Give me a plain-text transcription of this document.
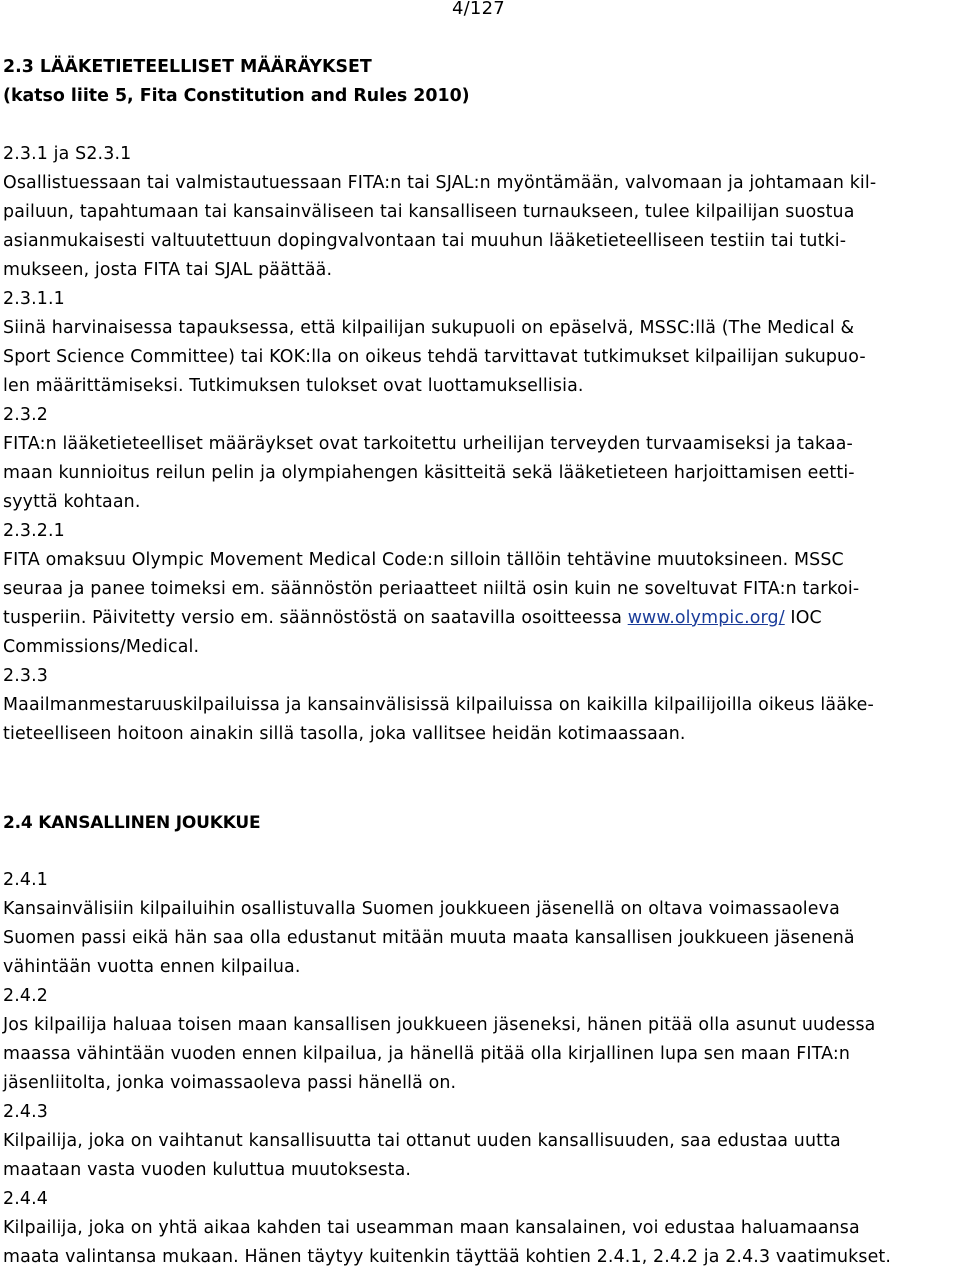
4/127
2.3 LÄÄKETIETEELLISET MÄÄRÄYKSET
(katso liite 5, Fita Constitution and Rules 2010)
2.3.1 ja S2.3.1
Osallistuessaan tai valmistautuessaan FITA:n tai SJAL:n myöntämään, valvomaan ja johtamaan kil-
pailuun, tapahtumaan tai kansainväliseen tai kansalliseen turnaukseen, tulee kilpailijan suostua
asianmukaisesti valtuutettuun dopingvalvontaan tai muuhun lääketieteelliseen testiin tai tutki-
mukseen, josta FITA tai SJAL päättää.
2.3.1.1
Siinä harvinaisessa tapauksessa, että kilpailijan sukupuoli on epäselvä, MSSC:llä (The Medical &
Sport Science Committee) tai KOK:lla on oikeus tehdä tarvittavat tutkimukset kilpailijan sukupuo-
len määrittämiseksi. Tutkimuksen tulokset ovat luottamuksellisia.
2.3.2
FITA:n lääketieteelliset määräykset ovat tarkoitettu urheilijan terveyden turvaamiseksi ja takaa-
maan kunnioitus reilun pelin ja olympiahengen käsitteitä sekä lääketieteen harjoittamisen eetti-
syyttä kohtaan.
2.3.2.1
FITA omaksuu Olympic Movement Medical Code:n silloin tällöin tehtävine muutoksineen. MSSC
seuraa ja panee toimeksi em. säännöstön periaatteet niiltä osin kuin ne soveltuvat FITA:n tarkoi-
tusperiin. Päivitetty versio em. säännöstöstä on saatavilla osoitteessa www.olympic.org/ IOC
Commissions/Medical.
2.3.3
Maailmanmestaruuskilpailuissa ja kansainvälisissä kilpailuissa on kaikilla kilpailijoilla oikeus lääke-
tieteelliseen hoitoon ainakin sillä tasolla, joka vallitsee heidän kotimaassaan.
2.4 KANSALLINEN JOUKKUE
2.4.1
Kansainvälisiin kilpailuihin osallistuvalla Suomen joukkueen jäsenellä on oltava voimassaoleva
Suomen passi eikä hän saa olla edustanut mitään muuta maata kansallisen joukkueen jäsenenä
vähintään vuotta ennen kilpailua.
2.4.2
Jos kilpailija haluaa toisen maan kansallisen joukkueen jäseneksi, hänen pitää olla asunut uudessa
maassa vähintään vuoden ennen kilpailua, ja hänellä pitää olla kirjallinen lupa sen maan FITA:n
jäsenliitolta, jonka voimassaoleva passi hänellä on.
2.4.3
Kilpailija, joka on vaihtanut kansallisuutta tai ottanut uuden kansallisuuden, saa edustaa uutta
maataan vasta vuoden kuluttua muutoksesta.
2.4.4
Kilpailija, joka on yhtä aikaa kahden tai useamman maan kansalainen, voi edustaa haluamaansa
maata valintansa mukaan. Hänen täytyy kuitenkin täyttää kohtien 2.4.1, 2.4.2 ja 2.4.3 vaatimukset.
